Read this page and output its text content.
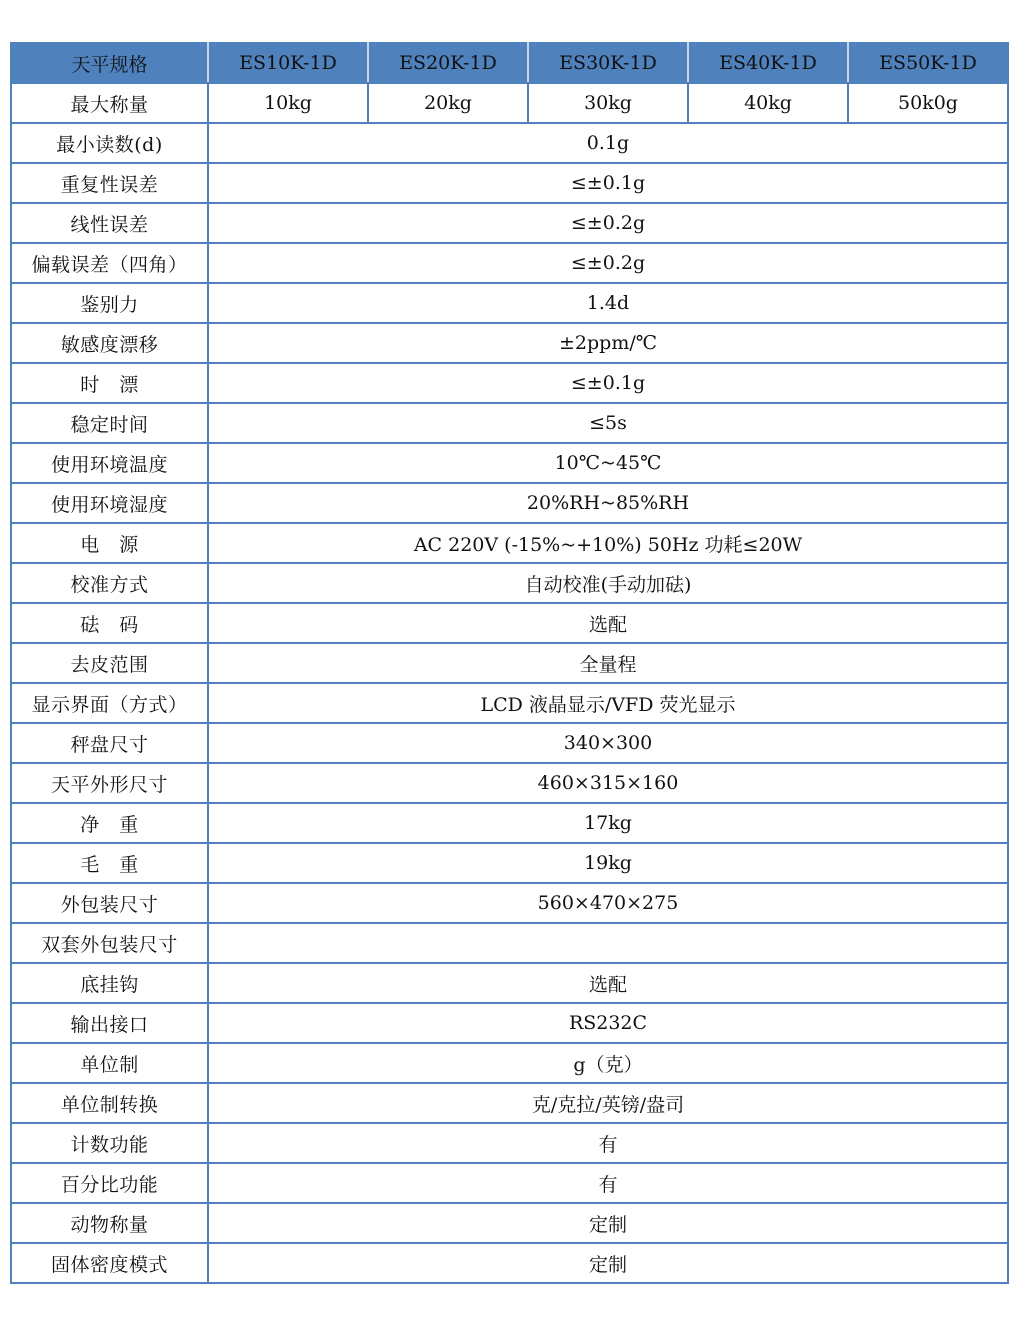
天平规格	ES10K-1D	ES20K-1D	ES30K-1D	ES40K-1D	ES50K-1D
最大称量	10kg	20kg	30kg	40kg	50k0g
最小读数(d)	0.1g				
重复性误差	≤±0.1g				
线性误差	≤±0.2g				
偏载误差（四角）	≤±0.2g				
鉴别力	1.4d				
敏感度漂移	±2ppm/℃				
时　漂	≤±0.1g				
稳定时间	≤5s				
使用环境温度	10℃~45℃				
使用环境湿度	20%RH~85%RH				
电　源	AC 220V (-15%~+10%) 50Hz 功耗≤20W				
校准方式	自动校准(手动加砝)				
砝　码	选配				
去皮范围	全量程				
显示界面（方式）	LCD 液晶显示/VFD 荧光显示				
秤盘尺寸	340×300				
天平外形尺寸	460×315×160				
净　重	17kg				
毛　重	19kg				
外包装尺寸	560×470×275				
双套外包装尺寸					
底挂钩	选配				
输出接口	RS232C				
单位制	g（克）				
单位制转换	克/克拉/英镑/盎司				
计数功能	有				
百分比功能	有				
动物称量	定制				
固体密度模式	定制				
